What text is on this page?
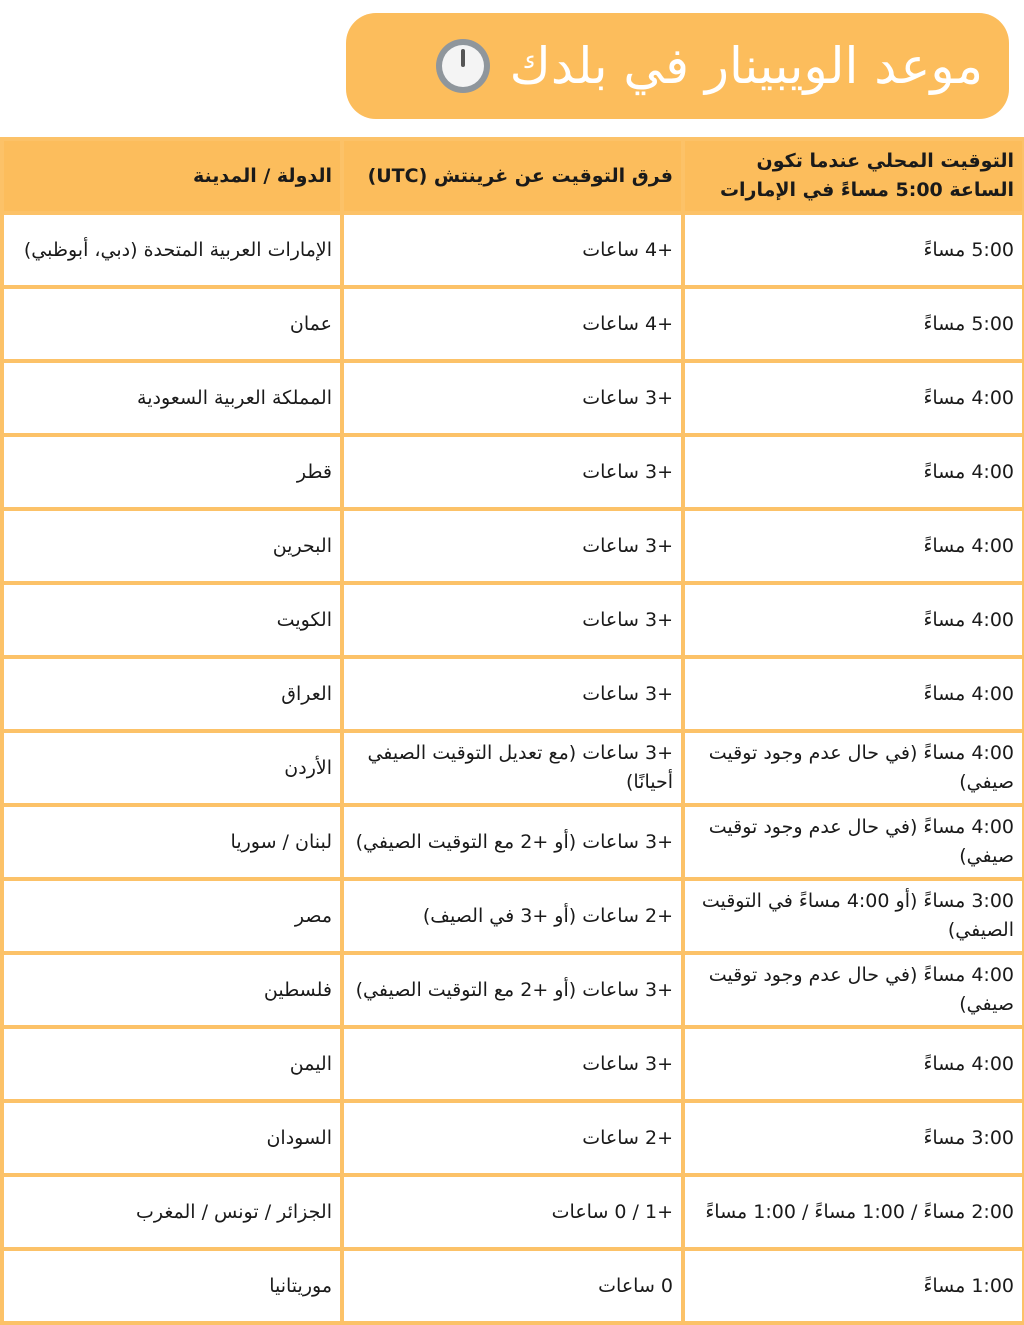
موعد الويبينار في بلدك
التوقيت المحلي عندما تكون الساعة 5:00 مساءً في الإمارات	فرق التوقيت عن غرينتش (UTC)	الدولة / المدينة
5:00 مساءً	+4 ساعات	الإمارات العربية المتحدة (دبي، أبوظبي)
5:00 مساءً	+4 ساعات	عمان
4:00 مساءً	+3 ساعات	المملكة العربية السعودية
4:00 مساءً	+3 ساعات	قطر
4:00 مساءً	+3 ساعات	البحرين
4:00 مساءً	+3 ساعات	الكويت
4:00 مساءً	+3 ساعات	العراق
4:00 مساءً (في حال عدم وجود توقيت صيفي)	+3 ساعات (مع تعديل التوقيت الصيفي أحيانًا)	الأردن
4:00 مساءً (في حال عدم وجود توقيت صيفي)	+3 ساعات (أو +2 مع التوقيت الصيفي)	لبنان / سوريا
3:00 مساءً (أو 4:00 مساءً في التوقيت الصيفي)	+2 ساعات (أو +3 في الصيف)	مصر
4:00 مساءً (في حال عدم وجود توقيت صيفي)	+3 ساعات (أو +2 مع التوقيت الصيفي)	فلسطين
4:00 مساءً	+3 ساعات	اليمن
3:00 مساءً	+2 ساعات	السودان
2:00 مساءً / 1:00 مساءً / 1:00 مساءً	+1 / 0 ساعات	الجزائر / تونس / المغرب
1:00 مساءً	0 ساعات	موريتانيا
